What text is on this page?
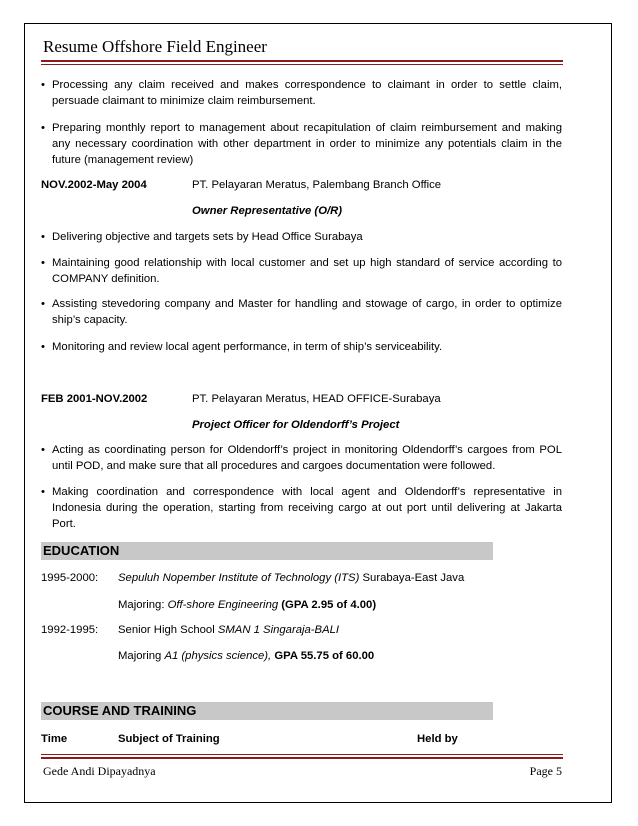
Resume Offshore Field Engineer
• Processing any claim received and makes correspondence to claimant in order to settle claim, persuade claimant to minimize claim reimbursement.
• Preparing monthly report to management about recapitulation of claim reimbursement and making any necessary coordination with other department in order to minimize any potentials claim in the future (management review)
NOV.2002-May 2004	PT. Pelayaran Meratus, Palembang Branch Office
Owner Representative (O/R)
• Delivering objective and targets sets by Head Office Surabaya
• Maintaining good relationship with local customer and set up high standard of service according to COMPANY definition.
• Assisting stevedoring company and Master for handling and stowage of cargo, in order to optimize ship’s capacity.
• Monitoring and review local agent performance, in term of ship’s serviceability.
FEB 2001-NOV.2002	PT. Pelayaran Meratus, HEAD OFFICE-Surabaya
Project Officer for Oldendorff’s Project
• Acting as coordinating person for Oldendorff’s project in monitoring Oldendorff’s cargoes from POL until POD, and make sure that all procedures and cargoes documentation were followed.
• Making coordination and correspondence with local agent and Oldendorff’s representative in Indonesia during the operation, starting from receiving cargo at out port until delivering at Jakarta Port.
EDUCATION
1995-2000: Sepuluh Nopember Institute of Technology (ITS) Surabaya-East Java
Majoring: Off-shore Engineering (GPA 2.95 of 4.00)
1992-1995: Senior High School SMAN 1 Singaraja-BALI
Majoring A1 (physics science), GPA 55.75 of 60.00
COURSE AND TRAINING
Time	Subject of Training	Held by
Gede Andi Dipayadnya	Page 5
